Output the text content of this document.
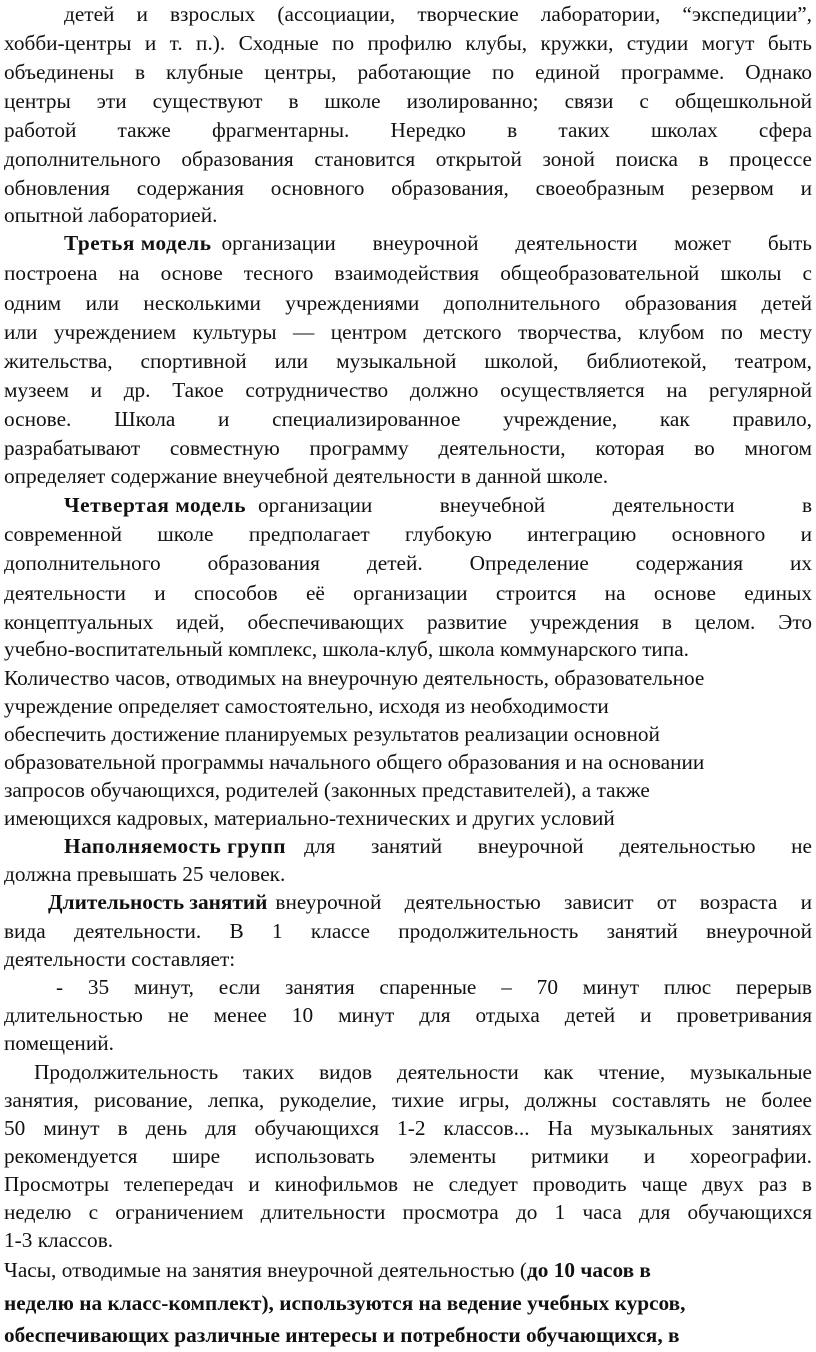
детей и взрослых (ассоциации, творческие лаборатории, “экспедиции”,
хобби-центры и т. п.). Сходные по профилю клубы, кружки, студии могут быть
объединены в клубные центры, работающие по единой программе. Однако
центры эти существуют в школе изолированно; связи с общешкольной
работой также фрагментарны. Нередко в таких школах сфера
дополнительного образования становится открытой зоной поиска в процессе
обновления содержания основного образования, своеобразным резервом и
опытной лабораторией.
Третья модель организации внеурочной деятельности может быть
построена на основе тесного взаимодействия общеобразовательной школы с
одним или несколькими учреждениями дополнительного образования детей
или учреждением культуры — центром детского творчества, клубом по месту
жительства, спортивной или музыкальной школой, библиотекой, театром,
музеем и др. Такое сотрудничество должно осуществляется на регулярной
основе. Школа и специализированное учреждение, как правило,
разрабатывают совместную программу деятельности, которая во многом
определяет содержание внеучебной деятельности в данной школе.
Четвертая модель организации внеучебной деятельности в
современной школе предполагает глубокую интеграцию основного и
дополнительного образования детей. Определение содержания их
деятельности и способов её организации строится на основе единых
концептуальных идей, обеспечивающих развитие учреждения в целом. Это
учебно-воспитательный комплекс, школа-клуб, школа коммунарского типа.
Количество часов, отводимых на внеурочную деятельность, образовательное
учреждение определяет самостоятельно, исходя из необходимости
обеспечить достижение планируемых результатов реализации основной
образовательной программы начального общего образования и на основании
запросов обучающихся, родителей (законных представителей), а также
имеющихся кадровых, материально-технических и других условий
Наполняемость групп для занятий внеурочной деятельностью не
должна превышать 25 человек.
Длительность занятий внеурочной деятельностью зависит от возраста и
вида деятельности. В 1 классе продолжительность занятий внеурочной
деятельности составляет:
- 35 минут, если занятия спаренные – 70 минут плюс перерыв
длительностью не менее 10 минут для отдыха детей и проветривания
помещений.
Продолжительность таких видов деятельности как чтение, музыкальные
занятия, рисование, лепка, рукоделие, тихие игры, должны составлять не более
50 минут в день для обучающихся 1-2 классов... На музыкальных занятиях
рекомендуется шире использовать элементы ритмики и хореографии.
Просмотры телепередач и кинофильмов не следует проводить чаще двух раз в
неделю с ограничением длительности просмотра до 1 часа для обучающихся
1-3 классов.
Часы, отводимые на занятия внеурочной деятельностью (до 10 часов в
неделю на класс-комплект), используются на ведение учебных курсов,
обеспечивающих различные интересы и потребности обучающихся, в
